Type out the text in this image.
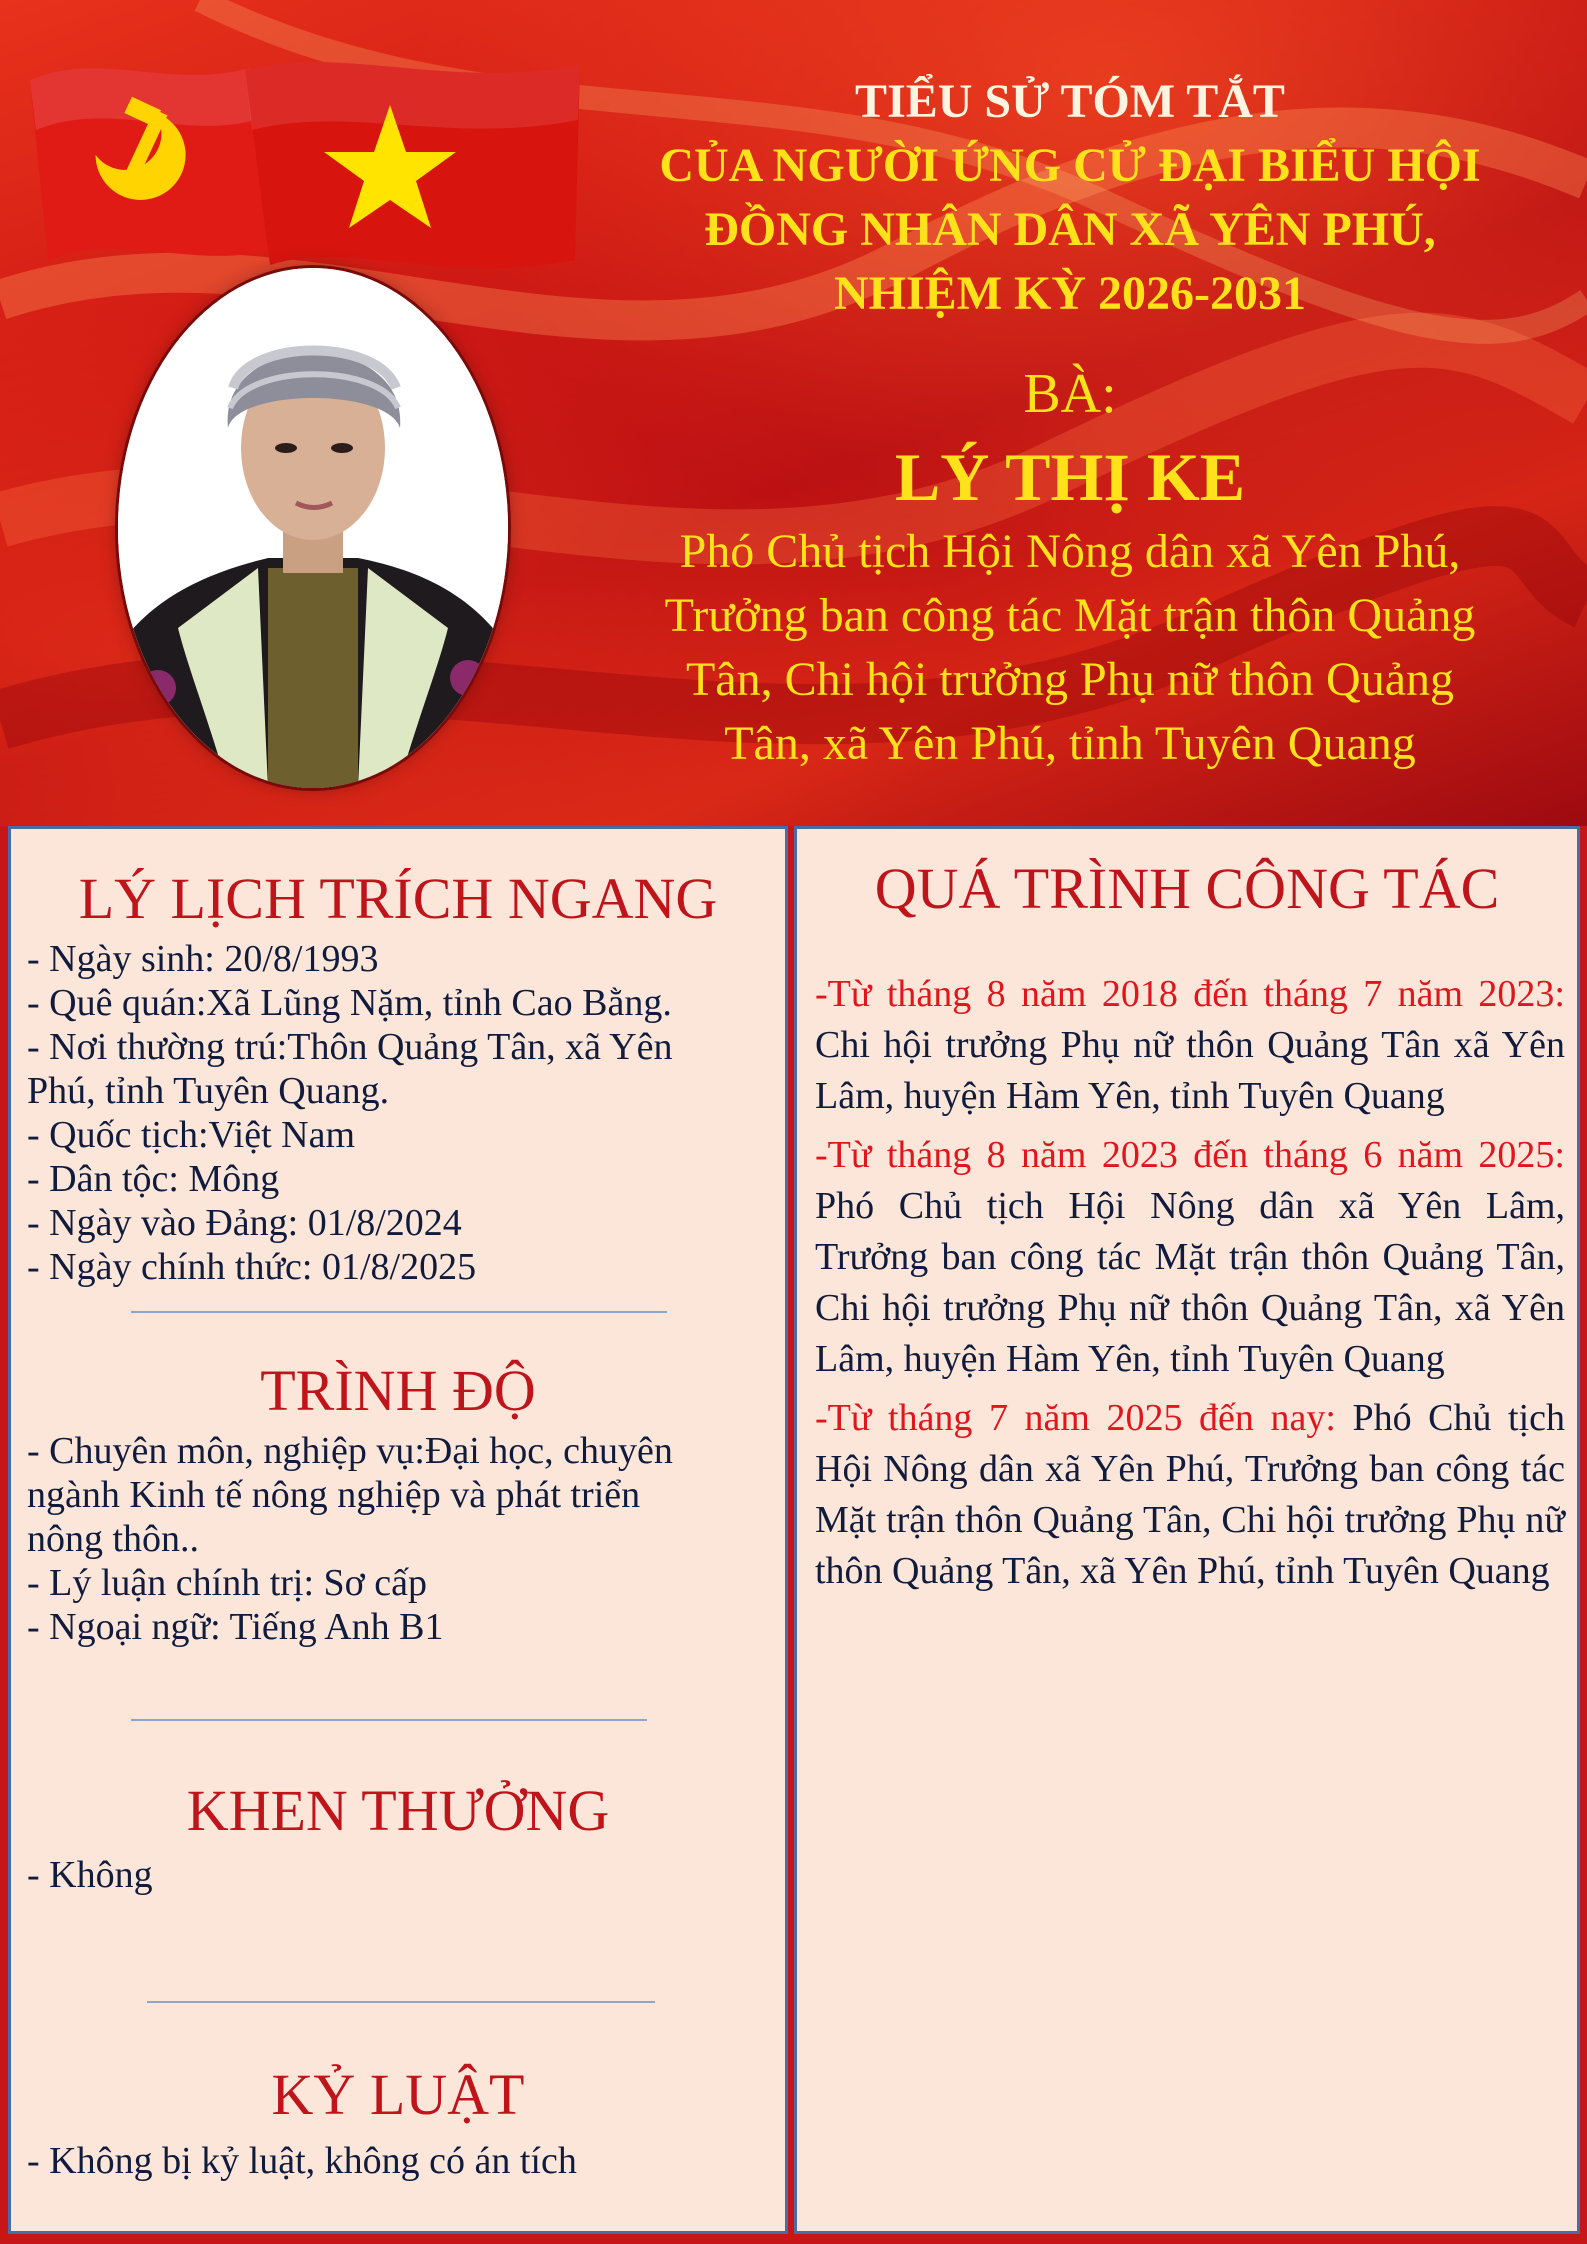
TIỂU SỬ TÓM TẮT
CỦA NGƯỜI ỨNG CỬ ĐẠI BIỂU HỘI
ĐỒNG NHÂN DÂN XÃ YÊN PHÚ,
NHIỆM KỲ 2026-2031
BÀ:
LÝ THỊ KE
Phó Chủ tịch Hội Nông dân xã Yên Phú,
Trưởng ban công tác Mặt trận thôn Quảng
Tân, Chi hội trưởng Phụ nữ thôn Quảng
Tân, xã Yên Phú, tỉnh Tuyên Quang
LÝ LỊCH TRÍCH NGANG
- Ngày sinh: 20/8/1993
- Quê quán:Xã Lũng Nặm, tỉnh Cao Bằng.
- Nơi thường trú:Thôn Quảng Tân, xã Yên
Phú, tỉnh Tuyên Quang.
- Quốc tịch:Việt Nam
- Dân tộc: Mông
- Ngày vào Đảng: 01/8/2024
- Ngày chính thức: 01/8/2025
TRÌNH ĐỘ
- Chuyên môn, nghiệp vụ:Đại học, chuyên
ngành Kinh tế nông nghiệp và phát triển
nông thôn..
- Lý luận chính trị: Sơ cấp
- Ngoại ngữ: Tiếng Anh B1
KHEN THƯỞNG
- Không
KỶ LUẬT
- Không bị kỷ luật, không có án tích
QUÁ TRÌNH CÔNG TÁC

-Từ tháng 8 năm 2018 đến tháng 7 năm 2023: Chi hội trưởng Phụ nữ thôn Quảng Tân xã Yên Lâm, huyện Hàm Yên, tỉnh Tuyên Quang

-Từ tháng 8 năm 2023 đến tháng 6 năm 2025: Phó Chủ tịch Hội Nông dân xã Yên Lâm, Trưởng ban công tác Mặt trận thôn Quảng Tân, Chi hội trưởng Phụ nữ thôn Quảng Tân, xã Yên Lâm, huyện Hàm Yên, tỉnh Tuyên Quang

-Từ tháng 7 năm 2025 đến nay: Phó Chủ tịch Hội Nông dân xã Yên Phú, Trưởng ban công tác Mặt trận thôn Quảng Tân, Chi hội trưởng Phụ nữ thôn Quảng Tân, xã Yên Phú, tỉnh Tuyên Quang
